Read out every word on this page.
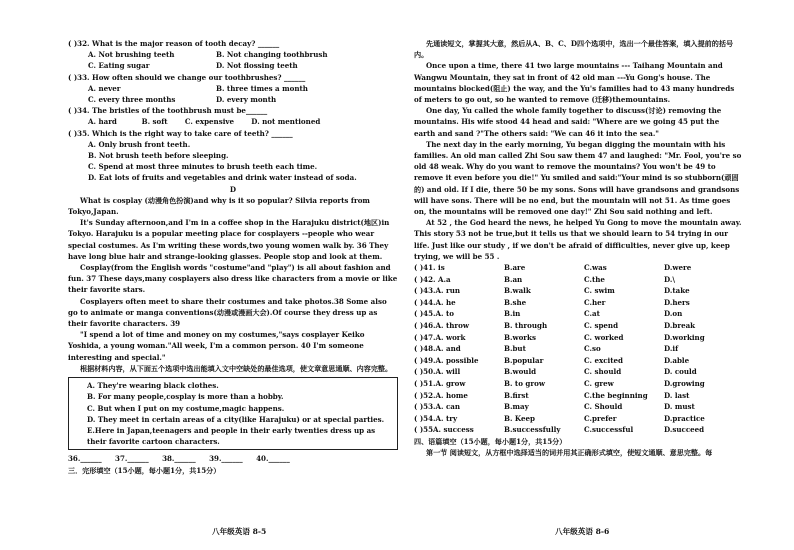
( )32. What is the major reason of tooth decay? ______
A. Not brushing teeth	B. Not changing toothbrush
C. Eating sugar	D. Not flossing teeth
( )33. How often should we change our toothbrushes? ______
A. never	B. three times a month
C. every three months	D. every month
( )34. The bristles of the toothbrush must be______
A. hard          B. soft       C. expensive       D. not mentioned
( )35. Which is the right way to take care of teeth? ______
A. Only brush front teeth.
B. Not brush teeth before sleeping.
C. Spend at most three minutes to brush teeth each time.
D. Eat lots of fruits and vegetables and drink water instead of soda.
D
What is cosplay (动漫角色扮演)and why is it so popular? Silvia reports from Tokyo,Japan.
It's Sunday afternoon,and I'm in a coffee shop in the Harajuku district(地区)in Tokyo. Harajuku is a popular meeting place for cosplayers --people who wear special costumes. As I'm writing these words,two young women walk by. 36 They have long blue hair and strange-looking glasses. People stop and look at them.
Cosplay(from the English words "costume"and "play") is all about fashion and fun. 37 These days,many cosplayers also dress like characters from a movie or like their favorite stars.
Cosplayers often meet to share their costumes and take photos.38 Some also go to animate or manga conventions(动漫或漫画大会).Of course they dress up as their favorite characters. 39
"I spend a lot of time and money on my costumes,"says cosplayer Keiko Yoshida, a young woman."All week, I'm a common person. 40 I'm someone interesting and special."
根据材料内容，从下面五个选项中选出能填入文中空缺处的最佳选项，使文章意思通顺、内容完整。
A. They're wearing black clothes.
B. For many people,cosplay is more than a hobby.
C. But when I put on my costume,magic happens.
D. They meet in certain areas of a city(like Harajuku) or at special parties.
E.Here in Japan,teenagers and people in their early twenties dress up as their favorite cartoon characters.
36.______   37.______   38.______   39.______   40.______
三．完形填空（15小题，每小题1分，共15分）
八年级英语 8-5
先通读短文，掌握其大意，然后从A、B、C、D四个选项中，选出一个最佳答案，填入提前的括号内。
Once upon a time, there 41 two large mountains --- Taihang Mountain and Wangwu Mountain, they sat in front of 42 old man ---Yu Gong's house. The mountains blocked(阻止) the way, and the Yu's families had to 43 many hundreds of meters to go out, so he wanted to remove (迁移)themountains.
One day, Yu called the whole family together to discuss(讨论) removing the mountains. His wife stood 44 head and said: "Where are we going 45 put the earth and sand ?"The others said: "We can 46 it into the sea."
The next day in the early morning, Yu began digging the mountain with his families. An old man called Zhi Sou saw them 47 and laughed: "Mr. Fool, you're so old 48 weak. Why do you want to remove the mountains? You won't be 49 to remove it even before you die!" Yu smiled and said:"Your mind is so stubborn(顽固的) and old. If I die, there 50 be my sons. Sons will have grandsons and grandsons will have sons. There will be no end, but the mountain will not 51. As time goes on, the mountains will be removed one day!" Zhi Sou said nothing and left.
At 52 , the God heard the news, he helped Yu Gong to move the mountain away. This story 53 not be true,but it tells us that we should learn to 54 trying in our life. Just like our study , if we don't be afraid of difficulties, never give up, keep trying, we will be 55 .
( )41. is	B.are	C.was	D.were
( )42. A.a	B.an	C.the	D.\
( )43.A. run	B.walk	C. swim	D.take
( )44.A. he	B.she	C.her	D.hers
( )45.A. to	B.in	C.at	D.on
( )46.A. throw	B. through	C. spend	D.break
( )47.A. work	B.works	C. worked	D.working
( )48.A. and	B.but	C.so	D.if
( )49.A. possible	B.popular	C. excited	D.able
( )50.A. will	B.would	C. should	D. could
( )51.A. grow	B. to grow	C. grew	D.growing
( )52.A. home	B.first	C.the beginning	D. last
( )53.A. can	B.may	C. Should	D. must
( )54.A. try	B. Keep	C.prefer	D.practice
( )55A. success	B.successfully	C.successful	D.succeed
四、语篇填空（15小题，每小题1分，共15分）
第一节 阅读短文，从方框中选择适当的词并用其正确形式填空，使短文通顺、意思完整。每
八年级英语 8-6
